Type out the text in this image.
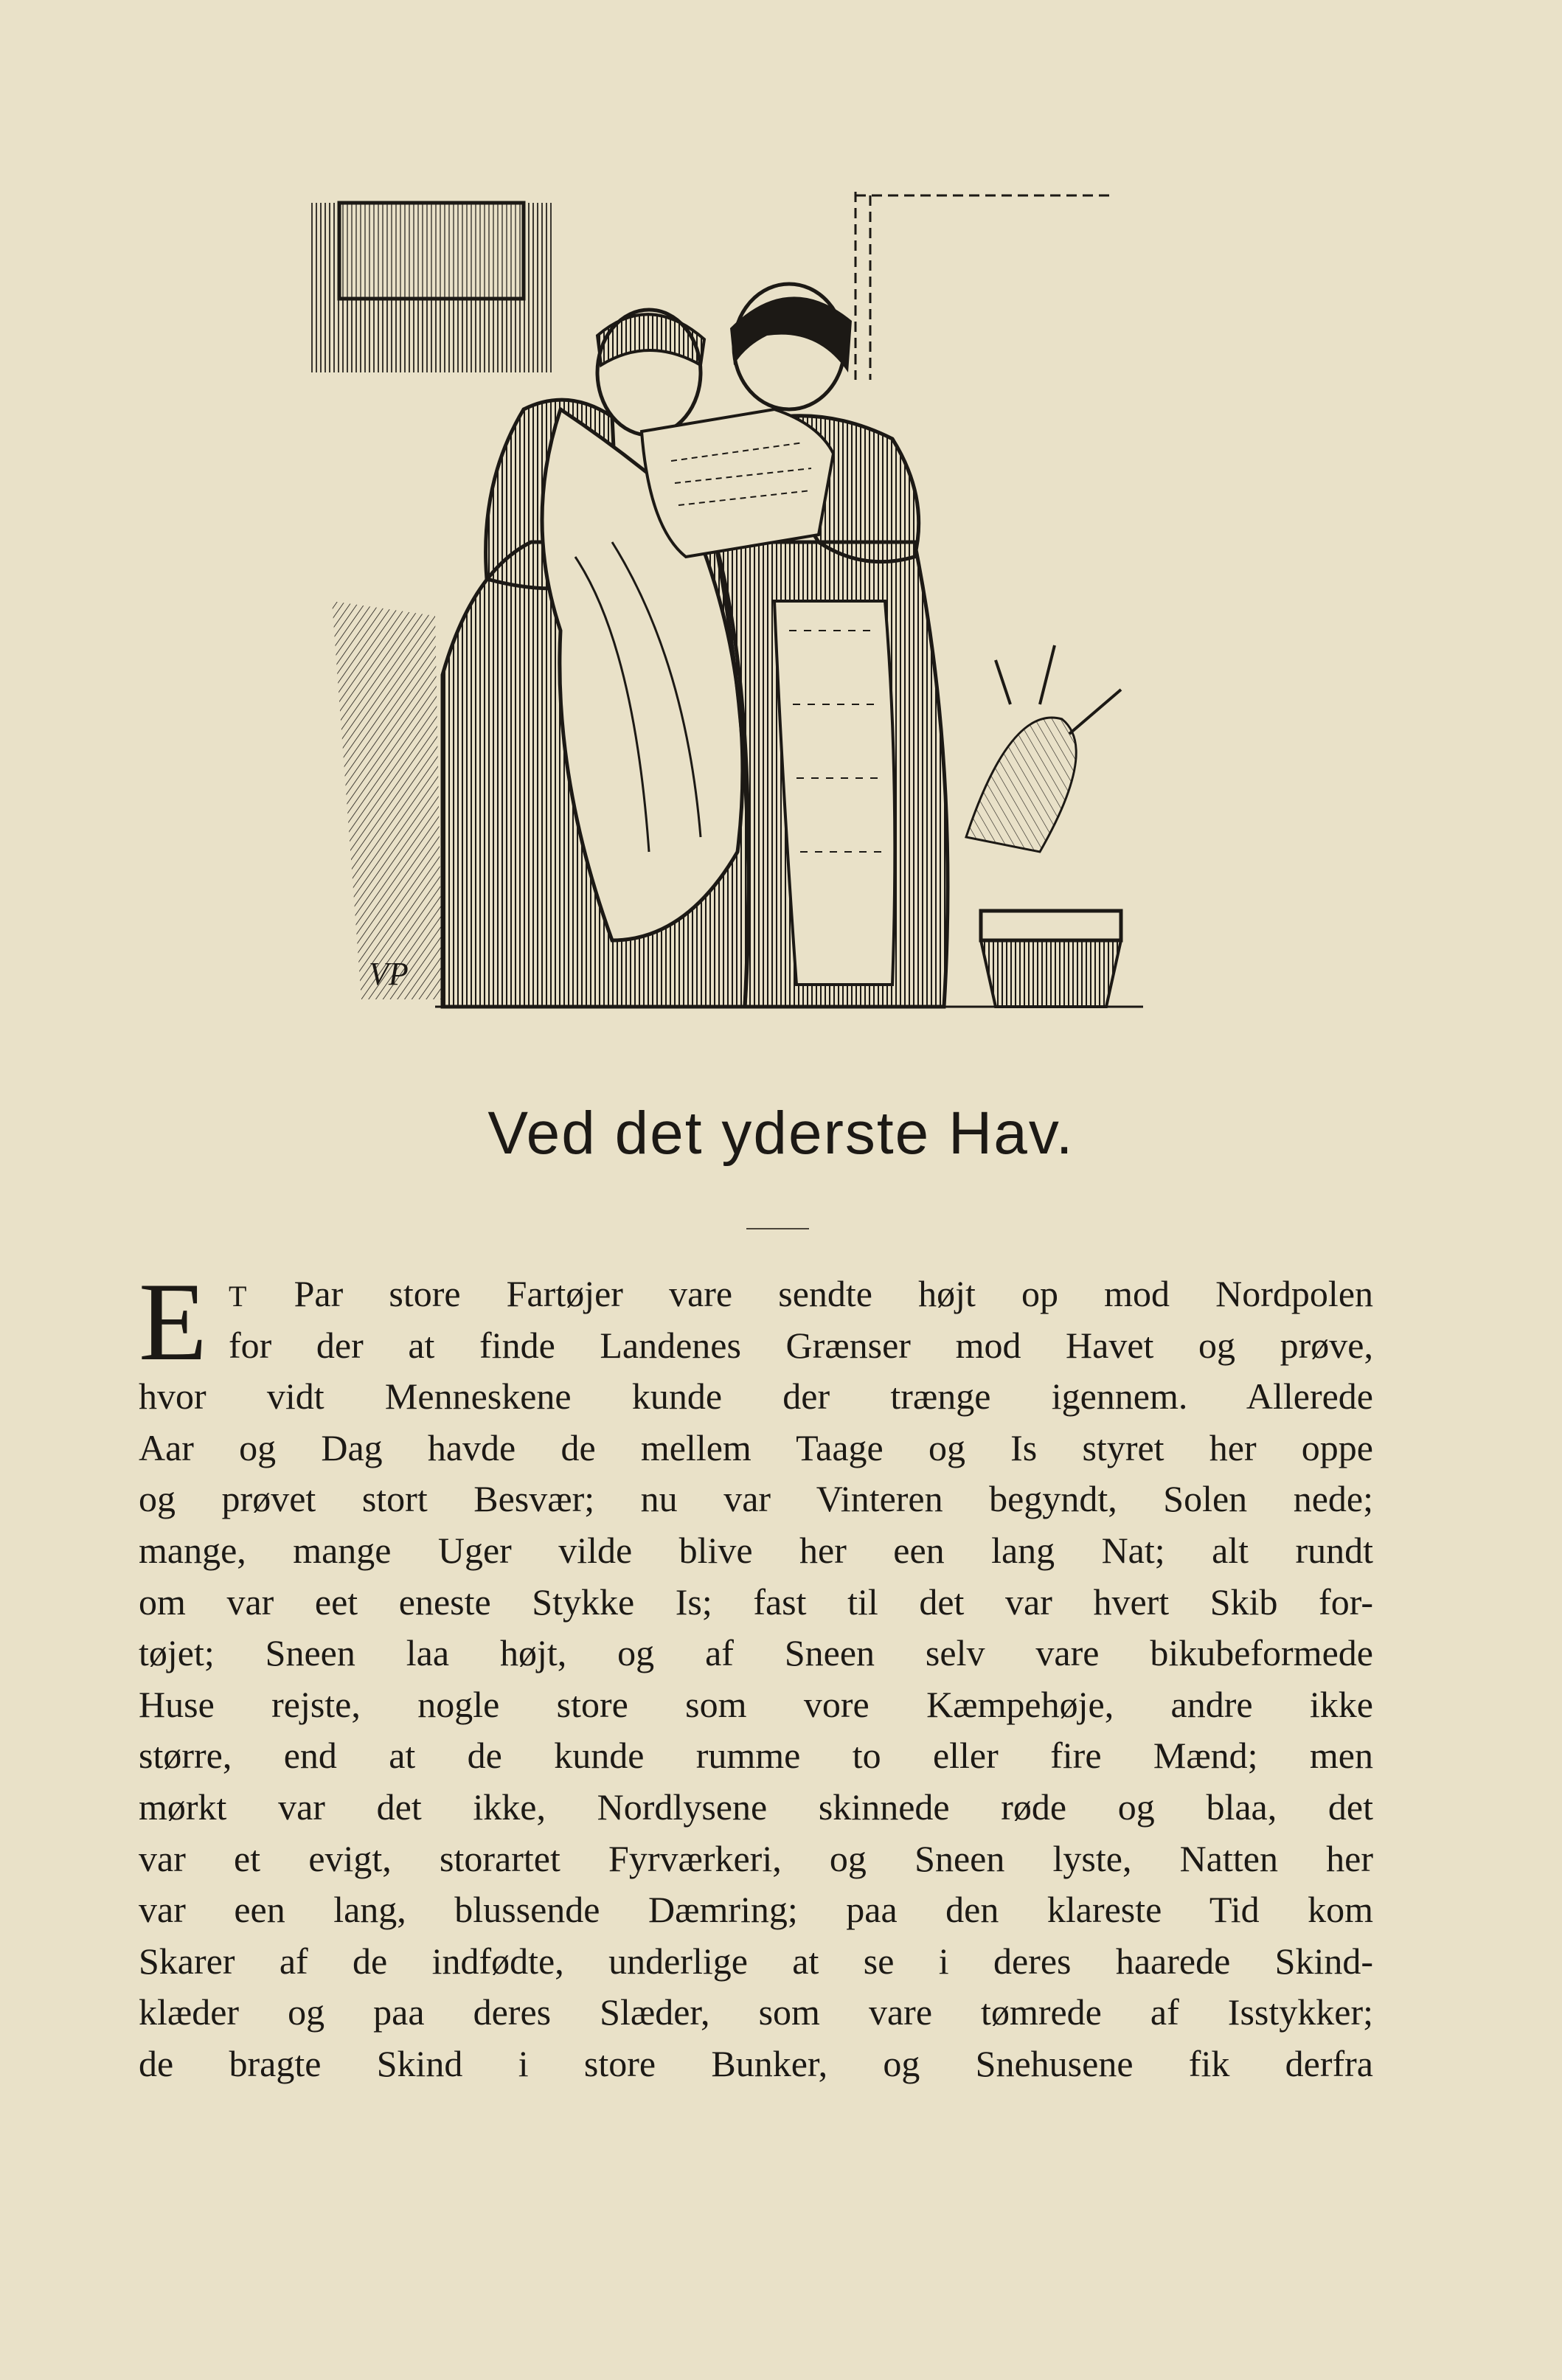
VP
Ved det yderste Hav.
E T Par store Fartøjer vare sendte højt op mod Nordpolen
for der at finde Landenes Grænser mod Havet og prøve,
hvor vidt Menneskene kunde der trænge igennem. Allerede
Aar og Dag havde de mellem Taage og Is styret her oppe
og prøvet stort Besvær; nu var Vinteren begyndt, Solen nede;
mange, mange Uger vilde blive her een lang Nat; alt rundt
om var eet eneste Stykke Is; fast til det var hvert Skib for-
tøjet; Sneen laa højt, og af Sneen selv vare bikubeformede
Huse rejste, nogle store som vore Kæmpehøje, andre ikke
større, end at de kunde rumme to eller fire Mænd; men
mørkt var det ikke, Nordlysene skinnede røde og blaa, det
var et evigt, storartet Fyrværkeri, og Sneen lyste, Natten her
var een lang, blussende Dæmring; paa den klareste Tid kom
Skarer af de indfødte, underlige at se i deres haarede Skind-
klæder og paa deres Slæder, som vare tømrede af Isstykker;
de bragte Skind i store Bunker, og Snehusene fik derfra
